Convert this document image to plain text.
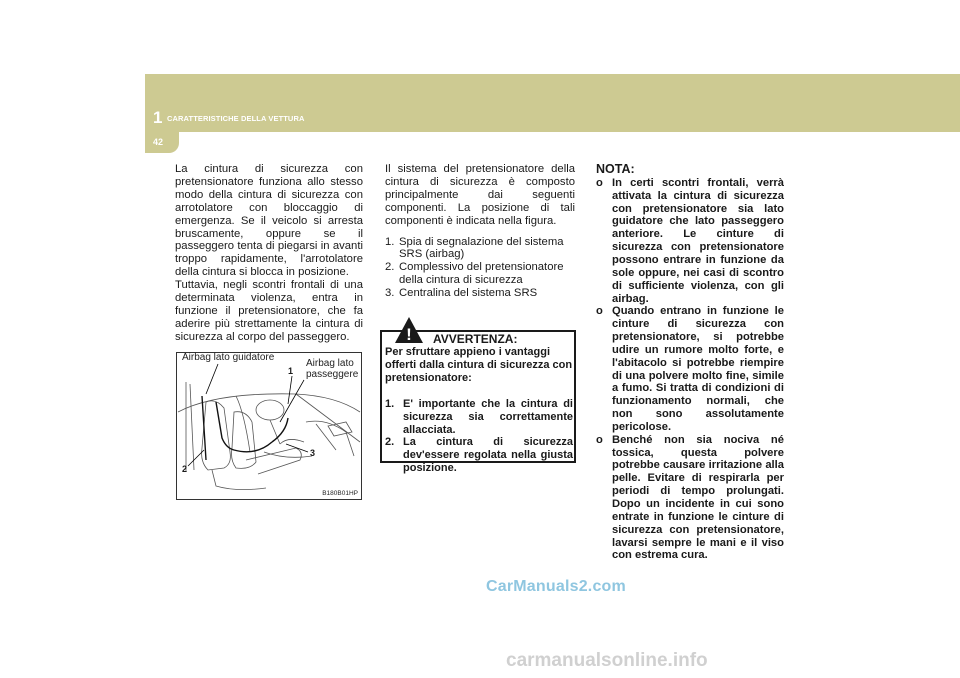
1 CARATTERISTICHE DELLA VETTURA
42

La cintura di sicurezza con pretensionatore funziona allo stesso modo della cintura di sicurezza con arrotolatore con bloccaggio di emergenza. Se il veicolo si arresta bruscamente, oppure se il passeggero tenta di piegarsi in avanti troppo rapidamente, l'arrotolatore della cintura si blocca in posizione.

Tuttavia, negli scontri frontali di una determinata violenza, entra in funzione il pretensionatore, che fa aderire più strettamente la cintura di sicurezza al corpo del passeggero.

Airbag lato guidatore
Airbag lato
passeggere
1
2
3
B180B01HP

Il sistema del pretensionatore della cintura di sicurezza è composto principalmente dai seguenti componenti. La posizione di tali componenti è indicata nella figura.

1. Spia di segnalazione del sistema SRS (airbag)
2. Complessivo del pretensionatore della cintura di sicurezza
3. Centralina del sistema SRS
AVVERTENZA:
Per sfruttare appieno i vantaggi offerti dalla cintura di sicurezza con pretensionatore:
1. E' importante che la cintura di sicurezza sia correttamente allacciata.
2. La cintura di sicurezza dev'essere regolata nella giusta posizione.
!
NOTA:
o In certi scontri frontali, verrà attivata la cintura di sicurezza con pretensionatore sia lato guidatore che lato passeggero anteriore. Le cinture di sicurezza con pretensionatore possono entrare in funzione da sole oppure, nei casi di scontro di sufficiente violenza, con gli airbag.
o Quando entrano in funzione le cinture di sicurezza con pretensionatore, si potrebbe udire un rumore molto forte, e l'abitacolo si potrebbe riempire di una polvere molto fine, simile a fumo. Si tratta di condizioni di funzionamento normali, che non sono assolutamente pericolose.
o Benché non sia nociva né tossica, questa polvere potrebbe causare irritazione alla pelle. Evitare di respirarla per periodi di tempo prolungati. Dopo un incidente in cui sono entrate in funzione le cinture di sicurezza con pretensionatore, lavarsi sempre le mani e il viso con estrema cura.
CarManuals2.com
carmanualsonline.info
